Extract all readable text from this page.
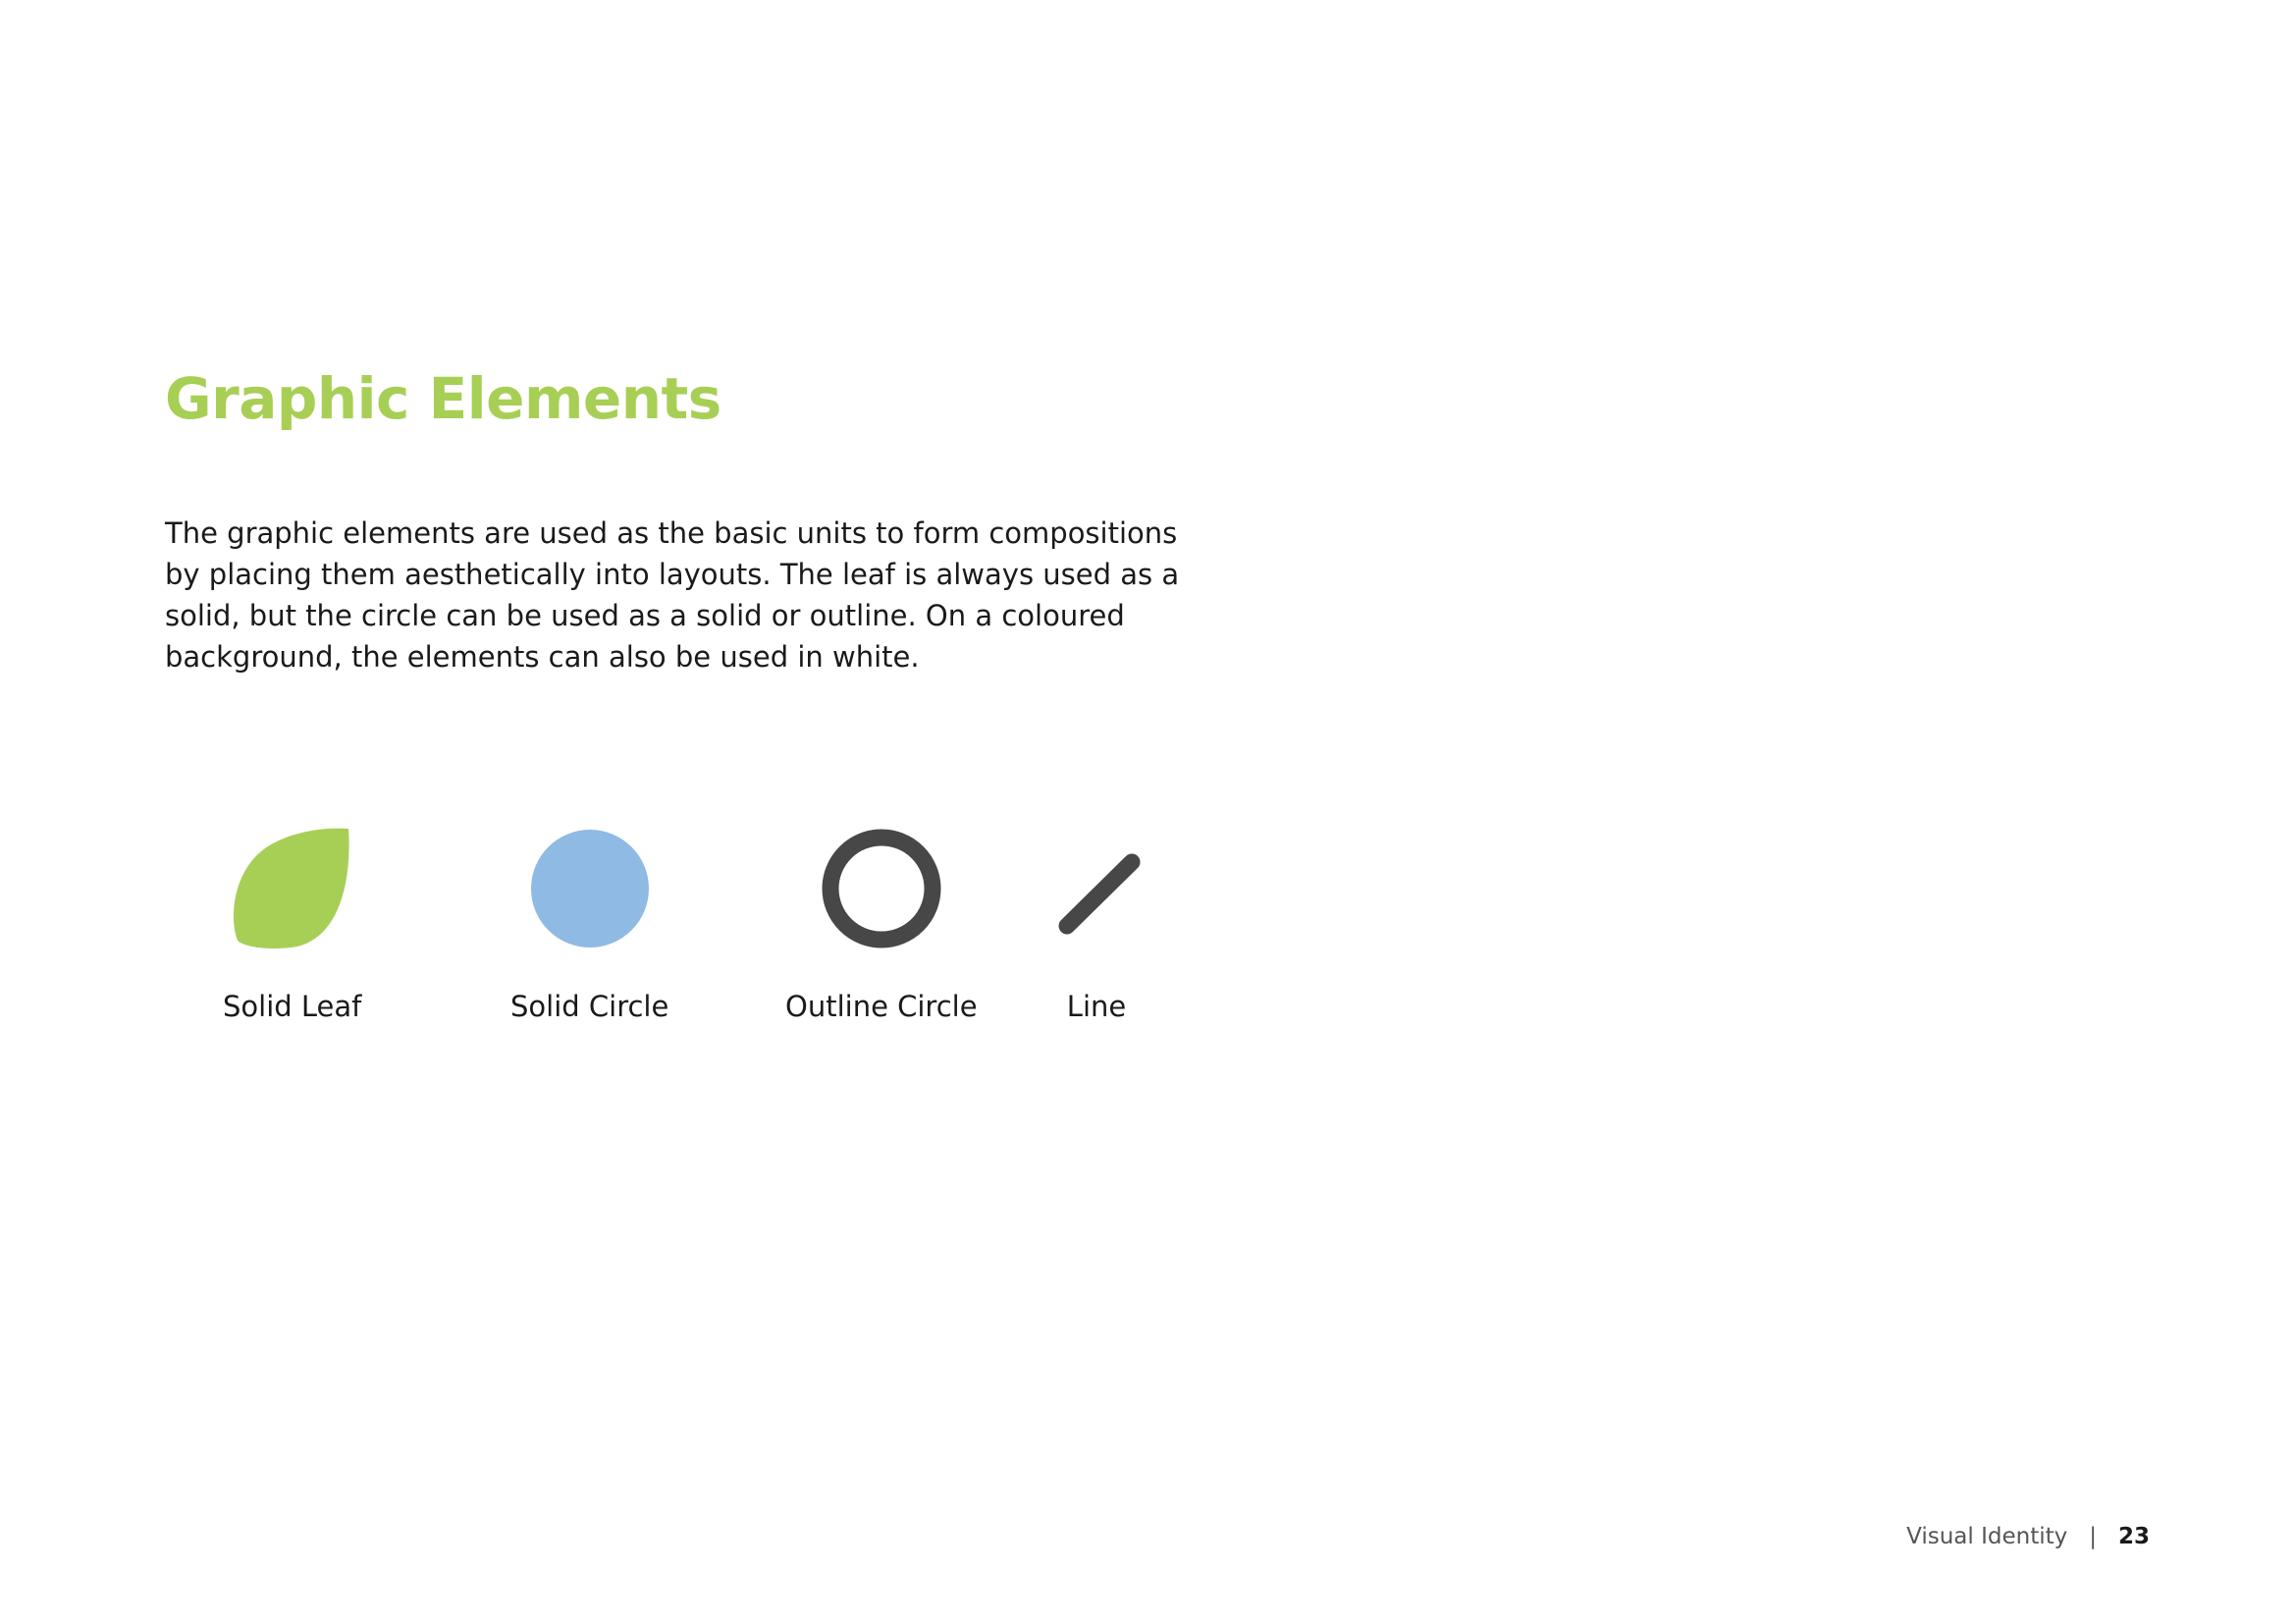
Graphic Elements

The graphic elements are used as the basic units to form compositions by placing them aesthetically into layouts. The leaf is always used as a solid, but the circle can be used as a solid or outline. On a coloured background, the elements can also be used in white.

Solid Leaf	Solid Circle	Outline Circle	Line
Visual Identity | 23
